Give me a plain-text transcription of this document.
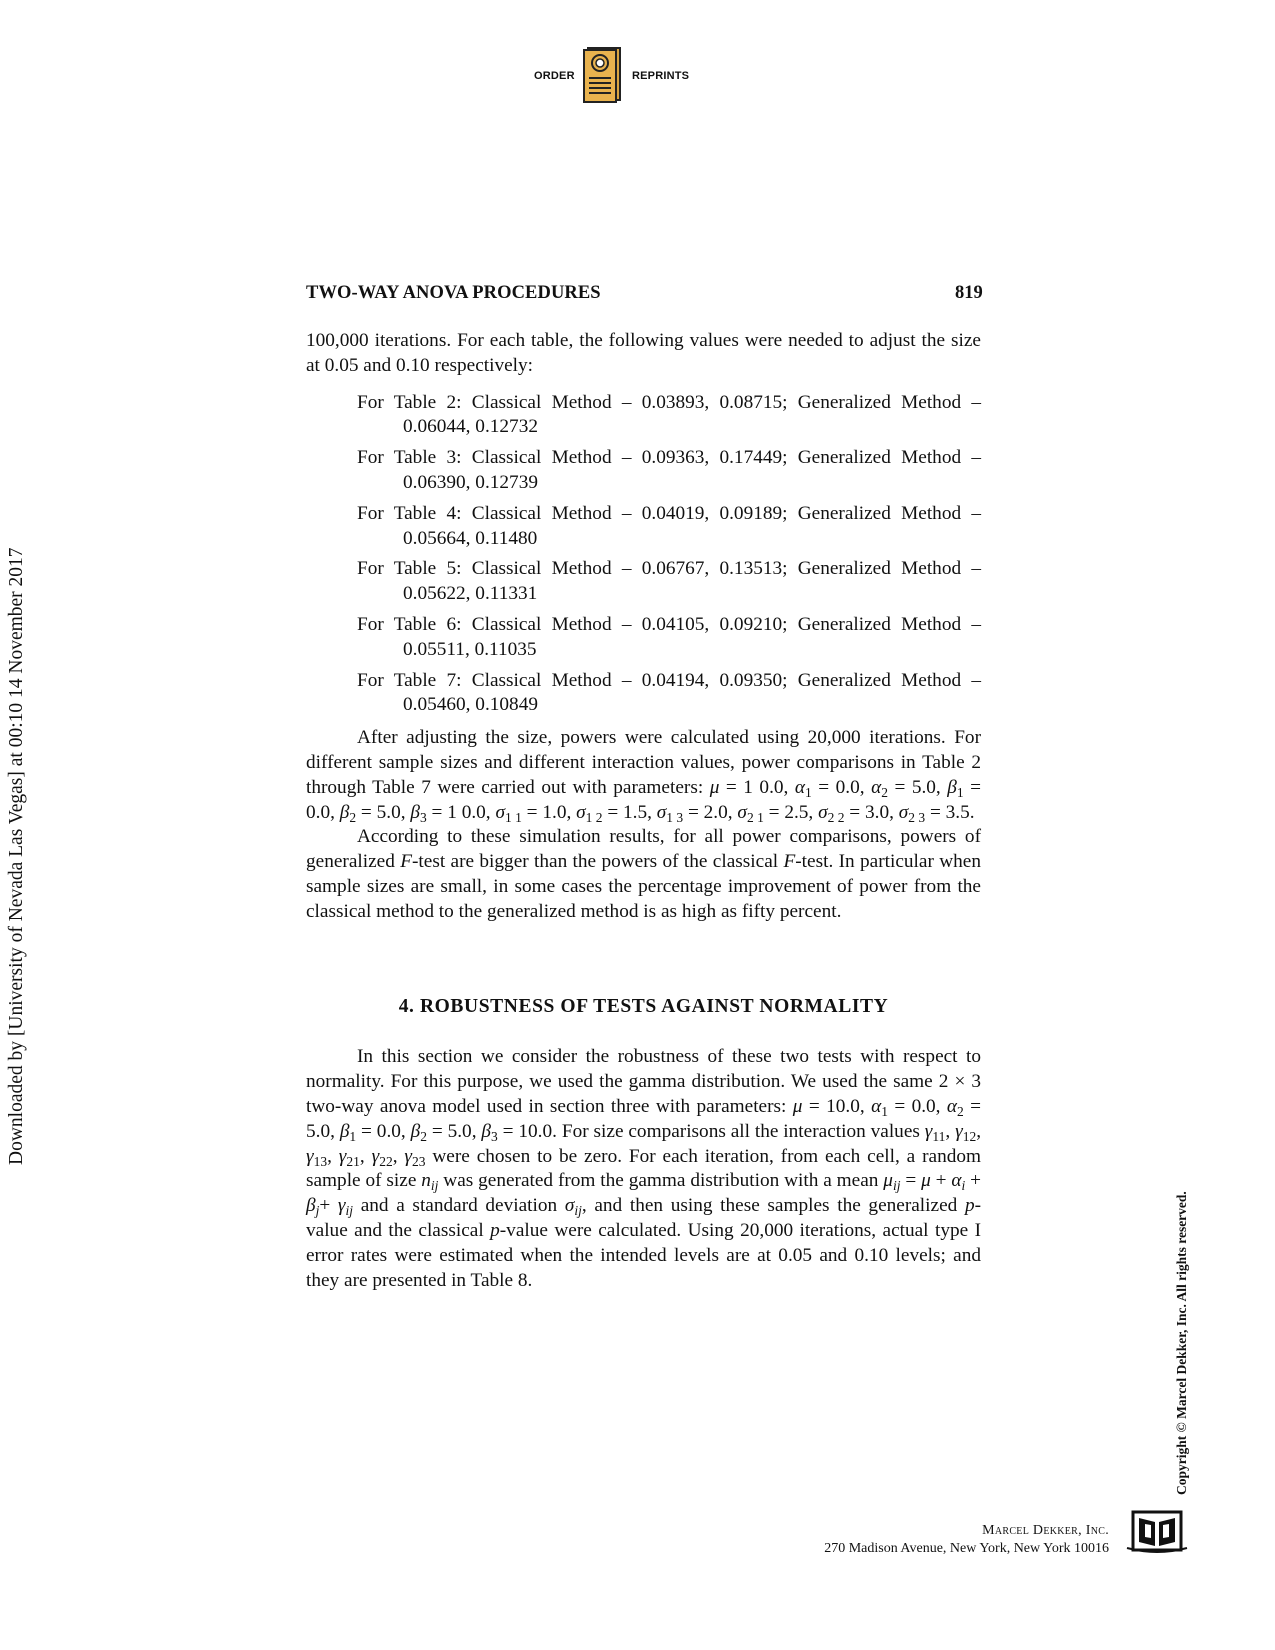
ORDER	REPRINTS
Downloaded by [University of Nevada Las Vegas] at 00:10 14 November 2017
Copyright © Marcel Dekker, Inc. All rights reserved.
TWO-WAY ANOVA PROCEDURES	819

100,000 iterations. For each table, the following values were needed to adjust the size at 0.05 and 0.10 respectively:

For Table 2: Classical Method – 0.03893, 0.08715; Generalized Method – 0.06044, 0.12732
For Table 3: Classical Method – 0.09363, 0.17449; Generalized Method – 0.06390, 0.12739
For Table 4: Classical Method – 0.04019, 0.09189; Generalized Method – 0.05664, 0.11480
For Table 5: Classical Method – 0.06767, 0.13513; Generalized Method – 0.05622, 0.11331
For Table 6: Classical Method – 0.04105, 0.09210; Generalized Method – 0.05511, 0.11035
For Table 7: Classical Method – 0.04194, 0.09350; Generalized Method – 0.05460, 0.10849

After adjusting the size, powers were calculated using 20,000 iterations. For different sample sizes and different interaction values, power comparisons in Table 2 through Table 7 were carried out with parameters: μ = 1 0.0, $\alpha_1 = 0.0$, $\alpha_2 = 5.0$, $\beta_1 = 0.0$, $\beta_2 = 5.0$, $\beta_3 = 1$ 0.0, $\sigma_{1 1} = 1.0$, $\sigma_{1 2} = 1.5$, $\sigma_{1 3} = 2.0$, $\sigma_{2 1} = 2.5$, $\sigma_{2 2} = 3.0$, $\sigma_{2 3} = 3.5$.

According to these simulation results, for all power comparisons, powers of generalized F-test are bigger than the powers of the classical F-test. In particular when sample sizes are small, in some cases the percentage improvement of power from the classical method to the generalized method is as high as fifty percent.

4. ROBUSTNESS OF TESTS AGAINST NORMALITY

In this section we consider the robustness of these two tests with respect to normality. For this purpose, we used the gamma distribution. We used the same 2 × 3 two-way anova model used in section three with parameters: μ = 10.0, $\alpha_1 = 0.0$, $\alpha_2 = 5.0$, $\beta_1 = 0.0$, $\beta_2 = 5.0$, $\beta_3 = 10.0$. For size comparisons all the interaction values $\gamma_{11}$, $\gamma_{12}$, $\gamma_{13}$, $\gamma_{21}$, $\gamma_{22}$, $\gamma_{23}$ were chosen to be zero. For each iteration, from each cell, a random sample of size $n_{ij}$ was generated from the gamma distribution with a mean $\mu_{ij} = \mu + \alpha_i + \beta_j+ \gamma_{ij}$ and a standard deviation $\sigma_{ij}$, and then using these samples the generalized p-value and the classical p-value were calculated. Using 20,000 iterations, actual type I error rates were estimated when the intended levels are at 0.05 and 0.10 levels; and they are presented in Table 8.

Marcel Dekker, Inc.
270 Madison Avenue, New York, New York 10016
